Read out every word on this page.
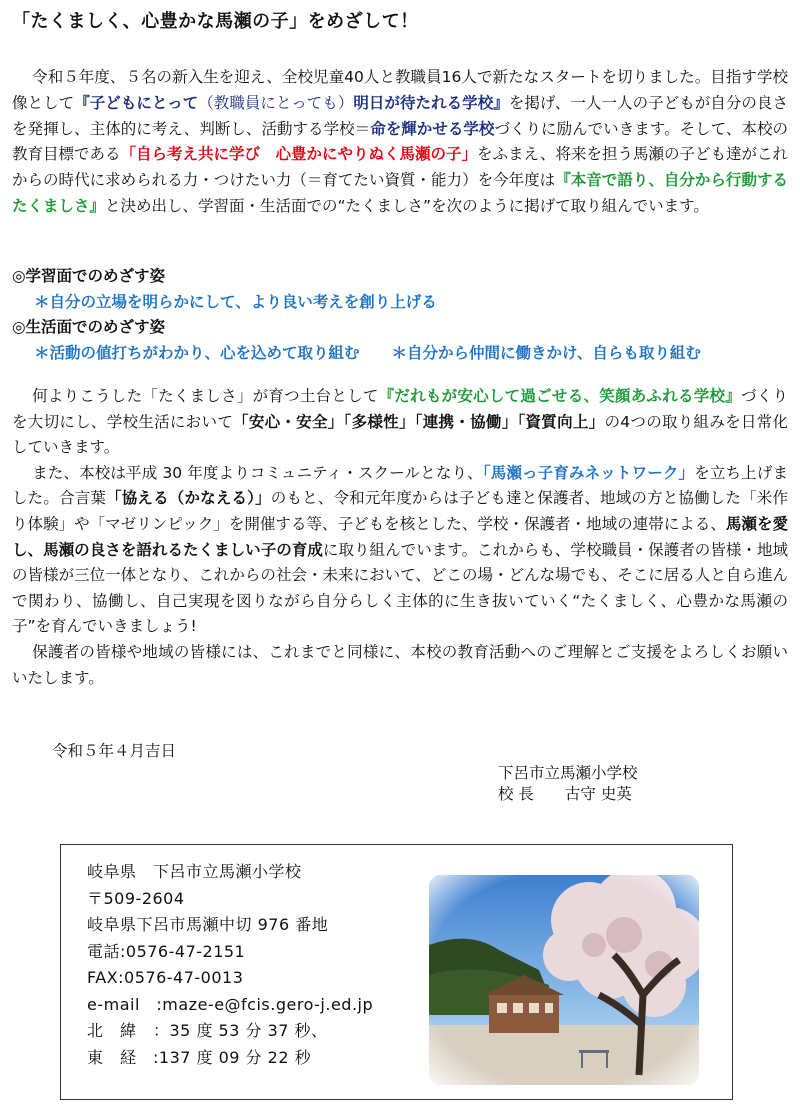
「たくましく、心豊かな馬瀬の子」をめざして！

令和５年度、５名の新入生を迎え、全校児童40人と教職員16人で新たなスタートを切りました。目指す学校像として『子どもにとって（教職員にとっても）明日が待たれる学校』を掲げ、一人一人の子どもが自分の良さを発揮し、主体的に考え、判断し、活動する学校＝命を輝かせる学校づくりに励んでいきます。そして、本校の教育目標である「自ら考え共に学び　心豊かにやりぬく馬瀬の子」をふまえ、将来を担う馬瀬の子ども達がこれからの時代に求められる力・つけたい力（＝育てたい資質・能力）を今年度は『本音で語り、自分から行動するたくましさ』と決め出し、学習面・生活面での“たくましさ”を次のように掲げて取り組んでいます。

◎学習面でのめざす姿
＊自分の立場を明らかにして、より良い考えを創り上げる
◎生活面でのめざす姿
＊活動の値打ちがわかり、心を込めて取り組む ＊自分から仲間に働きかけ、自らも取り組む

何よりこうした「たくましさ」が育つ土台として『だれもが安心して過ごせる、笑顔あふれる学校』づくりを大切にし、学校生活において「安心・安全」「多様性」「連携・協働」「資質向上」の4つの取り組みを日常化していきます。

また、本校は平成 30 年度よりコミュニティ・スクールとなり、「馬瀬っ子育みネットワーク」を立ち上げました。合言葉「協える（かなえる）」のもと、令和元年度からは子ども達と保護者、地域の方と協働した「米作り体験」や「マゼリンピック」を開催する等、子どもを核とした、学校・保護者・地域の連帯による、馬瀬を愛し、馬瀬の良さを語れるたくましい子の育成に取り組んでいます。これからも、学校職員・保護者の皆様・地域の皆様が三位一体となり、これからの社会・未来において、どこの場・どんな場でも、そこに居る人と自ら進んで関わり、協働し、自己実現を図りながら自分らしく主体的に生き抜いていく“たくましく、心豊かな馬瀬の子”を育んでいきましょう!

保護者の皆様や地域の皆様には、これまでと同様に、本校の教育活動へのご理解とご支援をよろしくお願いいたします。

令和５年４月吉日
下呂市立馬瀬小学校
校 長　　古守 史英
岐阜県　下呂市立馬瀬小学校
〒509-2604
岐阜県下呂市馬瀬中切 976 番地
電話:0576-47-2151
FAX:0576-47-0013
e-mail　:maze-e@fcis.gero-j.ed.jp
北　緯　：35 度 53 分 37 秒、
東　経　:137 度 09 分 22 秒
